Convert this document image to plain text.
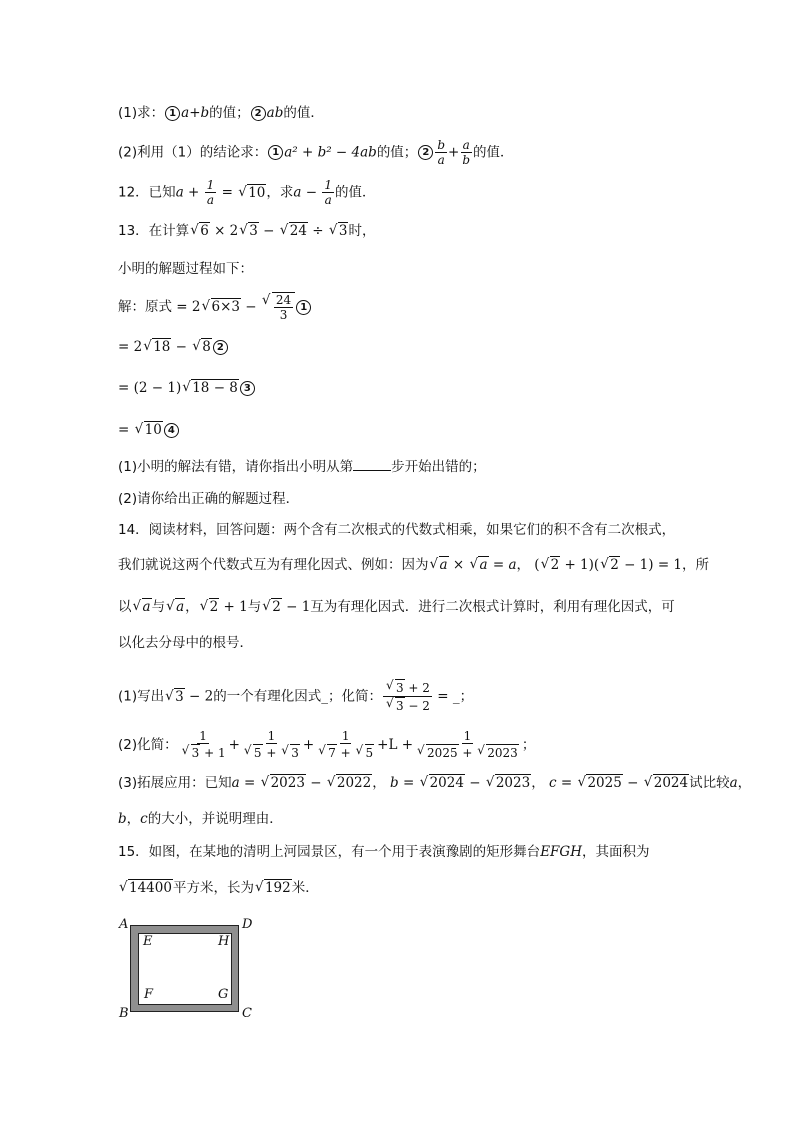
(1)求： 1 a+b的值； 2 ab的值．
(2)利用（1）的结论求： 1 a² + b² − 4ab的值； $2 \frac{b}{a} + \frac{a}{b}$ 的值．
12．已知$a + \frac{1}{a}$ = √ 10，求$a - \frac{1}{a}$ 的值．
13．在计算 √ 6 × 2 √ 3 − √ 24 ÷ √ 3时，
小明的解题过程如下：
解：原式 = 2 √ 6×3 − √ $\frac{24}{3} 1$
= 2 √ 18 − √ 8 2
= (2 − 1) √ 18 − 8 3
= √ 10 4
(1)小明的解法有错，请你指出小明从第	步开始出错的；
(2)请你给出正确的解题过程．
14．阅读材料，回答问题：两个含有二次根式的代数式相乘，如果它们的积不含有二次根式，
我们就说这两个代数式互为有理化因式、例如：因为 √ a × √ a = a， ( √ 2 + 1)( √ 2 − 1) = 1，所
以 √ a与 √ a， √ 2 + 1与 √ 2 − 1互为有理化因式．进行二次根式计算时，利用有理化因式，可
以化去分母中的根号．
(1)写出 √ 3 − 2的一个有理化因式_；化简： √ 3 + 2
√ 3 − 2 = _；
(2)化简： 1
√ 3 + 1 + 1
√ 5 + √ 3 + 1
√ 7 + √ 5 +L + 1
√ 2025 + √ 2023 ；
(3)拓展应用：已知a = √ 2023 − √ 2022， b = √ 2024 − √ 2023， c = √ 2025 − √ 2024试比较a，
b，c的大小，并说明理由．
15．如图，在某地的清明上河园景区，有一个用于表演豫剧的矩形舞台EFGH，其面积为
√ 14400平方米，长为 √ 192米．
A	D
B	C
E	H
F	G
